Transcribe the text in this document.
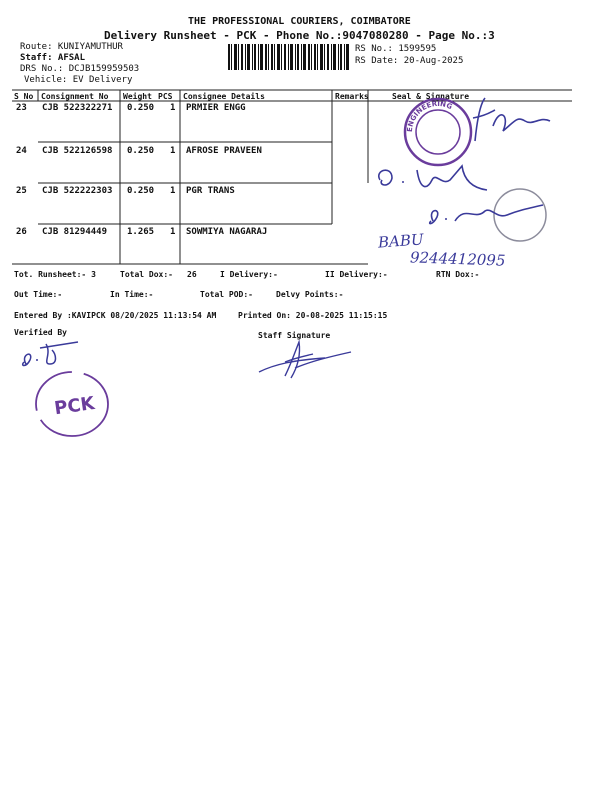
THE PROFESSIONAL COURIERS, COIMBATORE
Delivery Runsheet - PCK - Phone No.:9047080280 - Page No.:3
Route: KUNIYAMUTHUR
Staff: AFSAL
DRS No.: DCJB159959503
Vehicle: EV Delivery
RS No.: 1599595
RS Date: 20-Aug-2025
S No Consignment No Weight PCS Consignee Details	Remarks	Seal & Signature
23 CJB 522322271 0.250 1 PRMIER ENGG
24 CJB 522126598 0.250 1 AFROSE PRAVEEN
25 CJB 522222303 0.250 1 PGR TRANS
26 CJB 81294449 1.265 1 SOWMIYA NAGARAJ	BABU
9244412095
ENGINEERING
Tot. Runsheet:- 3	Total Dox:- 26	I Delivery:-	II Delivery:-	RTN Dox:-
Out Time:-	In Time:-	Total POD:-	Delvy Points:-
Entered By :KAVIPCK 08/20/2025 11:13:54 AM	Printed On: 20-08-2025 11:15:15
Verified By	Staff Signature
PCK
